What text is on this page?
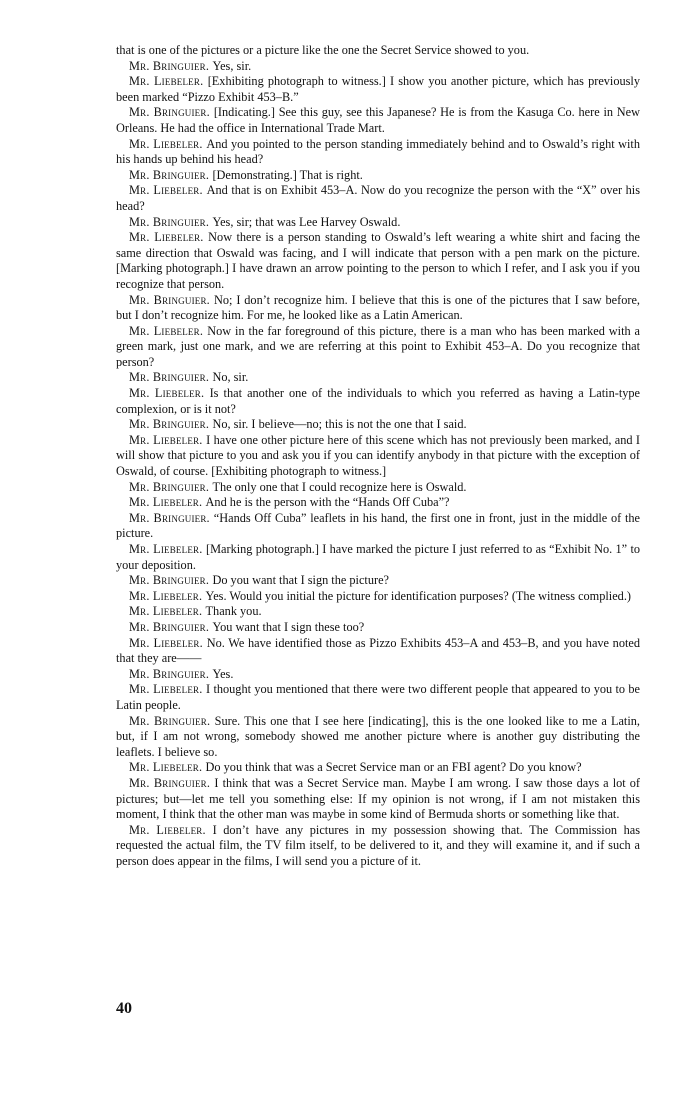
that is one of the pictures or a picture like the one the Secret Service showed to you.

Mr. Bringuier. Yes, sir.

Mr. Liebeler. [Exhibiting photograph to witness.] I show you another picture, which has previously been marked “Pizzo Exhibit 453–B.”

Mr. Bringuier. [Indicating.] See this guy, see this Japanese? He is from the Kasuga Co. here in New Orleans. He had the office in International Trade Mart.

Mr. Liebeler. And you pointed to the person standing immediately behind and to Oswald’s right with his hands up behind his head?

Mr. Bringuier. [Demonstrating.] That is right.

Mr. Liebeler. And that is on Exhibit 453–A. Now do you recognize the person with the “X” over his head?

Mr. Bringuier. Yes, sir; that was Lee Harvey Oswald.

Mr. Liebeler. Now there is a person standing to Oswald’s left wearing a white shirt and facing the same direction that Oswald was facing, and I will indicate that person with a pen mark on the picture. [Marking photograph.] I have drawn an arrow pointing to the person to which I refer, and I ask you if you recognize that person.

Mr. Bringuier. No; I don’t recognize him. I believe that this is one of the pictures that I saw before, but I don’t recognize him. For me, he looked like as a Latin American.

Mr. Liebeler. Now in the far foreground of this picture, there is a man who has been marked with a green mark, just one mark, and we are referring at this point to Exhibit 453–A. Do you recognize that person?

Mr. Bringuier. No, sir.

Mr. Liebeler. Is that another one of the individuals to which you referred as having a Latin-type complexion, or is it not?

Mr. Bringuier. No, sir. I believe—no; this is not the one that I said.

Mr. Liebeler. I have one other picture here of this scene which has not previously been marked, and I will show that picture to you and ask you if you can identify anybody in that picture with the exception of Oswald, of course. [Exhibiting photograph to witness.]

Mr. Bringuier. The only one that I could recognize here is Oswald.

Mr. Liebeler. And he is the person with the “Hands Off Cuba”?

Mr. Bringuier. “Hands Off Cuba” leaflets in his hand, the first one in front, just in the middle of the picture.

Mr. Liebeler. [Marking photograph.] I have marked the picture I just referred to as “Exhibit No. 1” to your deposition.

Mr. Bringuier. Do you want that I sign the picture?

Mr. Liebeler. Yes. Would you initial the picture for identification purposes? (The witness complied.)

Mr. Liebeler. Thank you.

Mr. Bringuier. You want that I sign these too?

Mr. Liebeler. No. We have identified those as Pizzo Exhibits 453–A and 453–B, and you have noted that they are——

Mr. Bringuier. Yes.

Mr. Liebeler. I thought you mentioned that there were two different people that appeared to you to be Latin people.

Mr. Bringuier. Sure. This one that I see here [indicating], this is the one looked like to me a Latin, but, if I am not wrong, somebody showed me another picture where is another guy distributing the leaflets. I believe so.

Mr. Liebeler. Do you think that was a Secret Service man or an FBI agent? Do you know?

Mr. Bringuier. I think that was a Secret Service man. Maybe I am wrong. I saw those days a lot of pictures; but—let me tell you something else: If my opinion is not wrong, if I am not mistaken this moment, I think that the other man was maybe in some kind of Bermuda shorts or something like that.

Mr. Liebeler. I don’t have any pictures in my possession showing that. The Commission has requested the actual film, the TV film itself, to be delivered to it, and they will examine it, and if such a person does appear in the films, I will send you a picture of it.

40
